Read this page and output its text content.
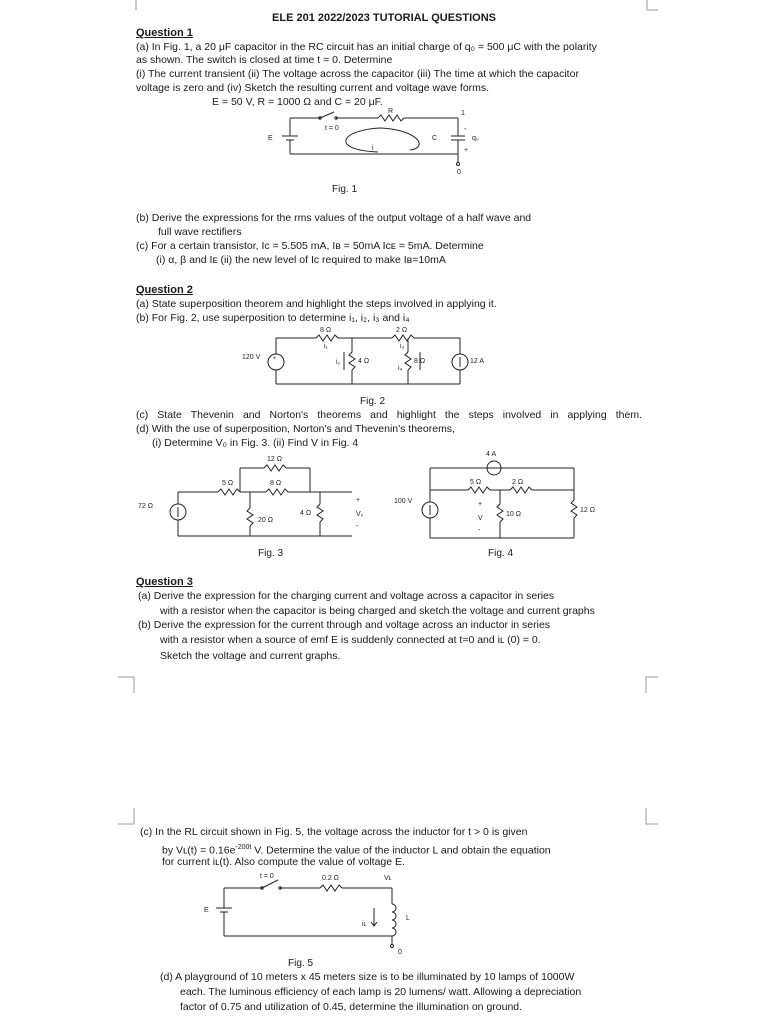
ELE 201 2022/2023 TUTORIAL QUESTIONS
Question 1
(a) In Fig. 1, a 20 μF capacitor in the RC circuit has an initial charge of q₀ = 500 μC with the polarity
as shown. The switch is closed at time t = 0. Determine
(i) The current transient (ii) The voltage across the capacitor (iii) The time at which the capacitor
voltage is zero and (iv) Sketch the resulting current and voltage wave forms.
E = 50 V, R = 1000 Ω and C = 20 μF.
t = 0
R
E	C
i
q₀
-
+
1
0
Fig. 1
(b) Derive the expressions for the rms values of the output voltage of a half wave and
full wave rectifiers
(c) For a certain transistor, Iᴄ = 5.505 mA, Iʙ = 50mA Iᴄᴇ = 5mA. Determine
(i) α, β and Iᴇ (ii) the new level of Iᴄ required to make Iʙ=10mA
Question 2
(a) State superposition theorem and highlight the steps involved in applying it.
(b) For Fig. 2, use superposition to determine i₁, i₂, i₃ and i₄
+
120 V
8 Ω	2 Ω
4 Ω	8 Ω	12 A
i₁
i₂
i₃
i₄
Fig. 2
(c) State Thevenin and Norton's theorems and highlight the steps involved in applying them.
(d) With the use of superposition, Norton's and Thevenin's theorems,
(i) Determine V₀ in Fig. 3. (ii) Find V in Fig. 4
12 Ω
5 Ω	8 Ω
72 Ω
20 Ω
4 Ω
+
V₀
-
Fig. 3
4 A
5 Ω	2 Ω
100 V	+
V
-
10 Ω
12 Ω
Fig. 4
Question 3
(a) Derive the expression for the charging current and voltage across a capacitor in series
with a resistor when the capacitor is being charged and sketch the voltage and current graphs
(b) Derive the expression for the current through and voltage across an inductor in series
with a resistor when a source of emf E is suddenly connected at t=0 and iʟ (0) = 0.
Sketch the voltage and current graphs.
(c) In the RL circuit shown in Fig. 5, the voltage across the inductor for t > 0 is given
by Vʟ(t) = $0.16e^{-200t}$ V. Determine the value of the inductor L and obtain the equation
for current iʟ(t). Also compute the value of voltage E.
t = 0	0.2 Ω	Vʟ
E
iʟ
L
0
Fig. 5
(d) A playground of 10 meters x 45 meters size is to be illuminated by 10 lamps of 1000W
each. The luminous efficiency of each lamp is 20 lumens/ watt. Allowing a depreciation
factor of 0.75 and utilization of 0.45, determine the illumination on ground.
